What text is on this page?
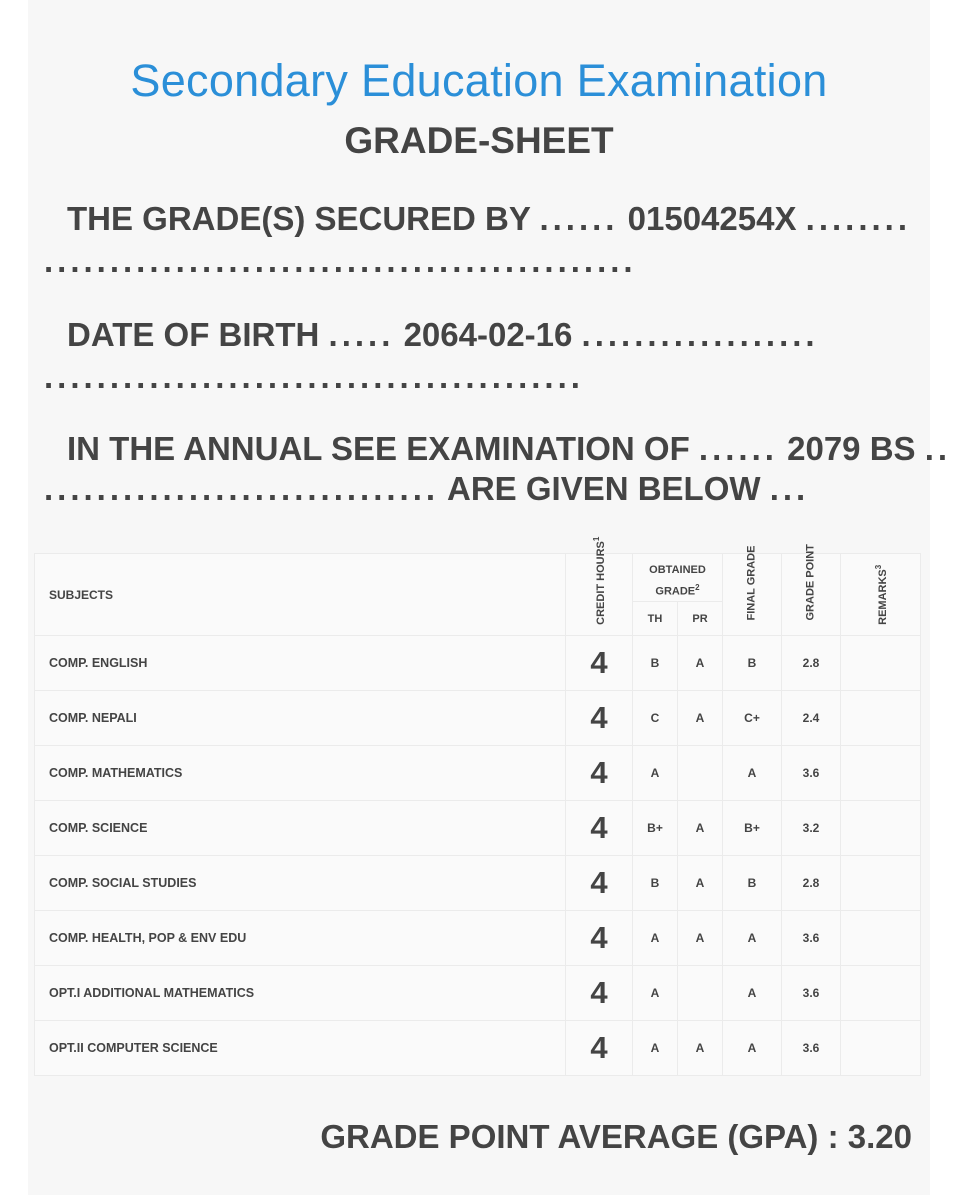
Secondary Education Examination
GRADE-SHEET
THE GRADE(S) SECURED BY ...... 01504254X ........
.............................................
DATE OF BIRTH ..... 2064-02-16 ..................
.........................................
IN THE ANNUAL SEE EXAMINATION OF ...... 2079 BS ..
.............................. ARE GIVEN BELOW ...
SUBJECTS	CREDIT HOURS$^1$	OBTAINED GRADE$^2$		FINAL GRADE	GRADE POINT	REMARKS$^3$
		TH	PR			
COMP. ENGLISH	4	B	A	B	2.8	
COMP. NEPALI	4	C	A	C+	2.4	
COMP. MATHEMATICS	4	A		A	3.6	
COMP. SCIENCE	4	B+	A	B+	3.2	
COMP. SOCIAL STUDIES	4	B	A	B	2.8	
COMP. HEALTH, POP & ENV EDU	4	A	A	A	3.6	
OPT.I ADDITIONAL MATHEMATICS	4	A		A	3.6	
OPT.II COMPUTER SCIENCE	4	A	A	A	3.6	
GRADE POINT AVERAGE (GPA) : 3.20
